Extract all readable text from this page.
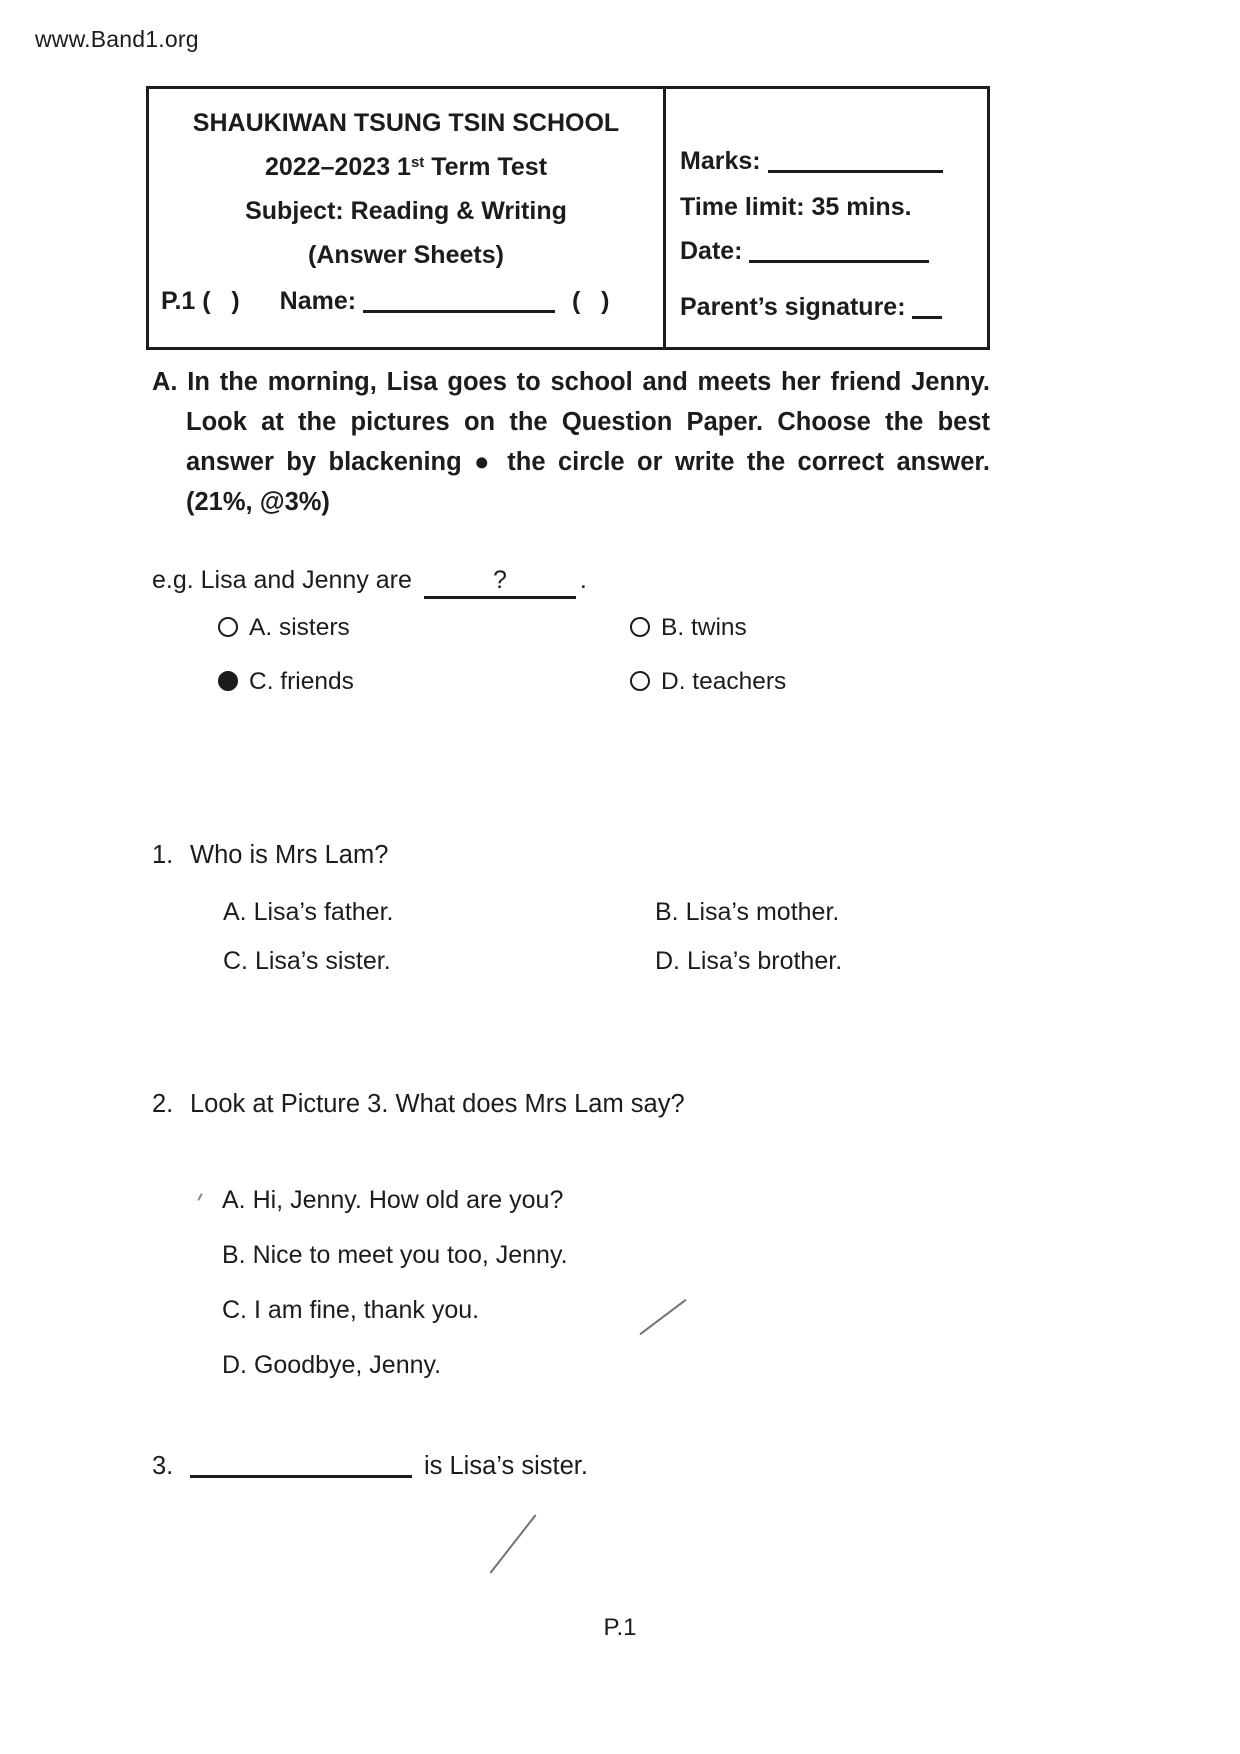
www.Band1.org
SHAUKIWAN TSUNG TSIN SCHOOL
2022–2023 1st Term Test
Subject: Reading & Writing
(Answer Sheets)
P.1 (   ) Name:	(   )
Marks:
Time limit: 35 mins.
Date:
Parent’s signature:
A. In the morning, Lisa goes to school and meets her friend Jenny.
Look at the pictures on the Question Paper. Choose the best
answer by blackening ● the circle or write the correct answer.
(21%, @3%)
e.g. Lisa and Jenny are	?	.
A. sisters	B. twins
C. friends	D. teachers
1. Who is Mrs Lam?
A. Lisa’s father.	B. Lisa’s mother.
C. Lisa’s sister.	D. Lisa’s brother.
2. Look at Picture 3. What does Mrs Lam say?
A. Hi, Jenny. How old are you?
B. Nice to meet you too, Jenny.
C. I am fine, thank you.
D. Goodbye, Jenny.
3.	is Lisa’s sister.
P.1
